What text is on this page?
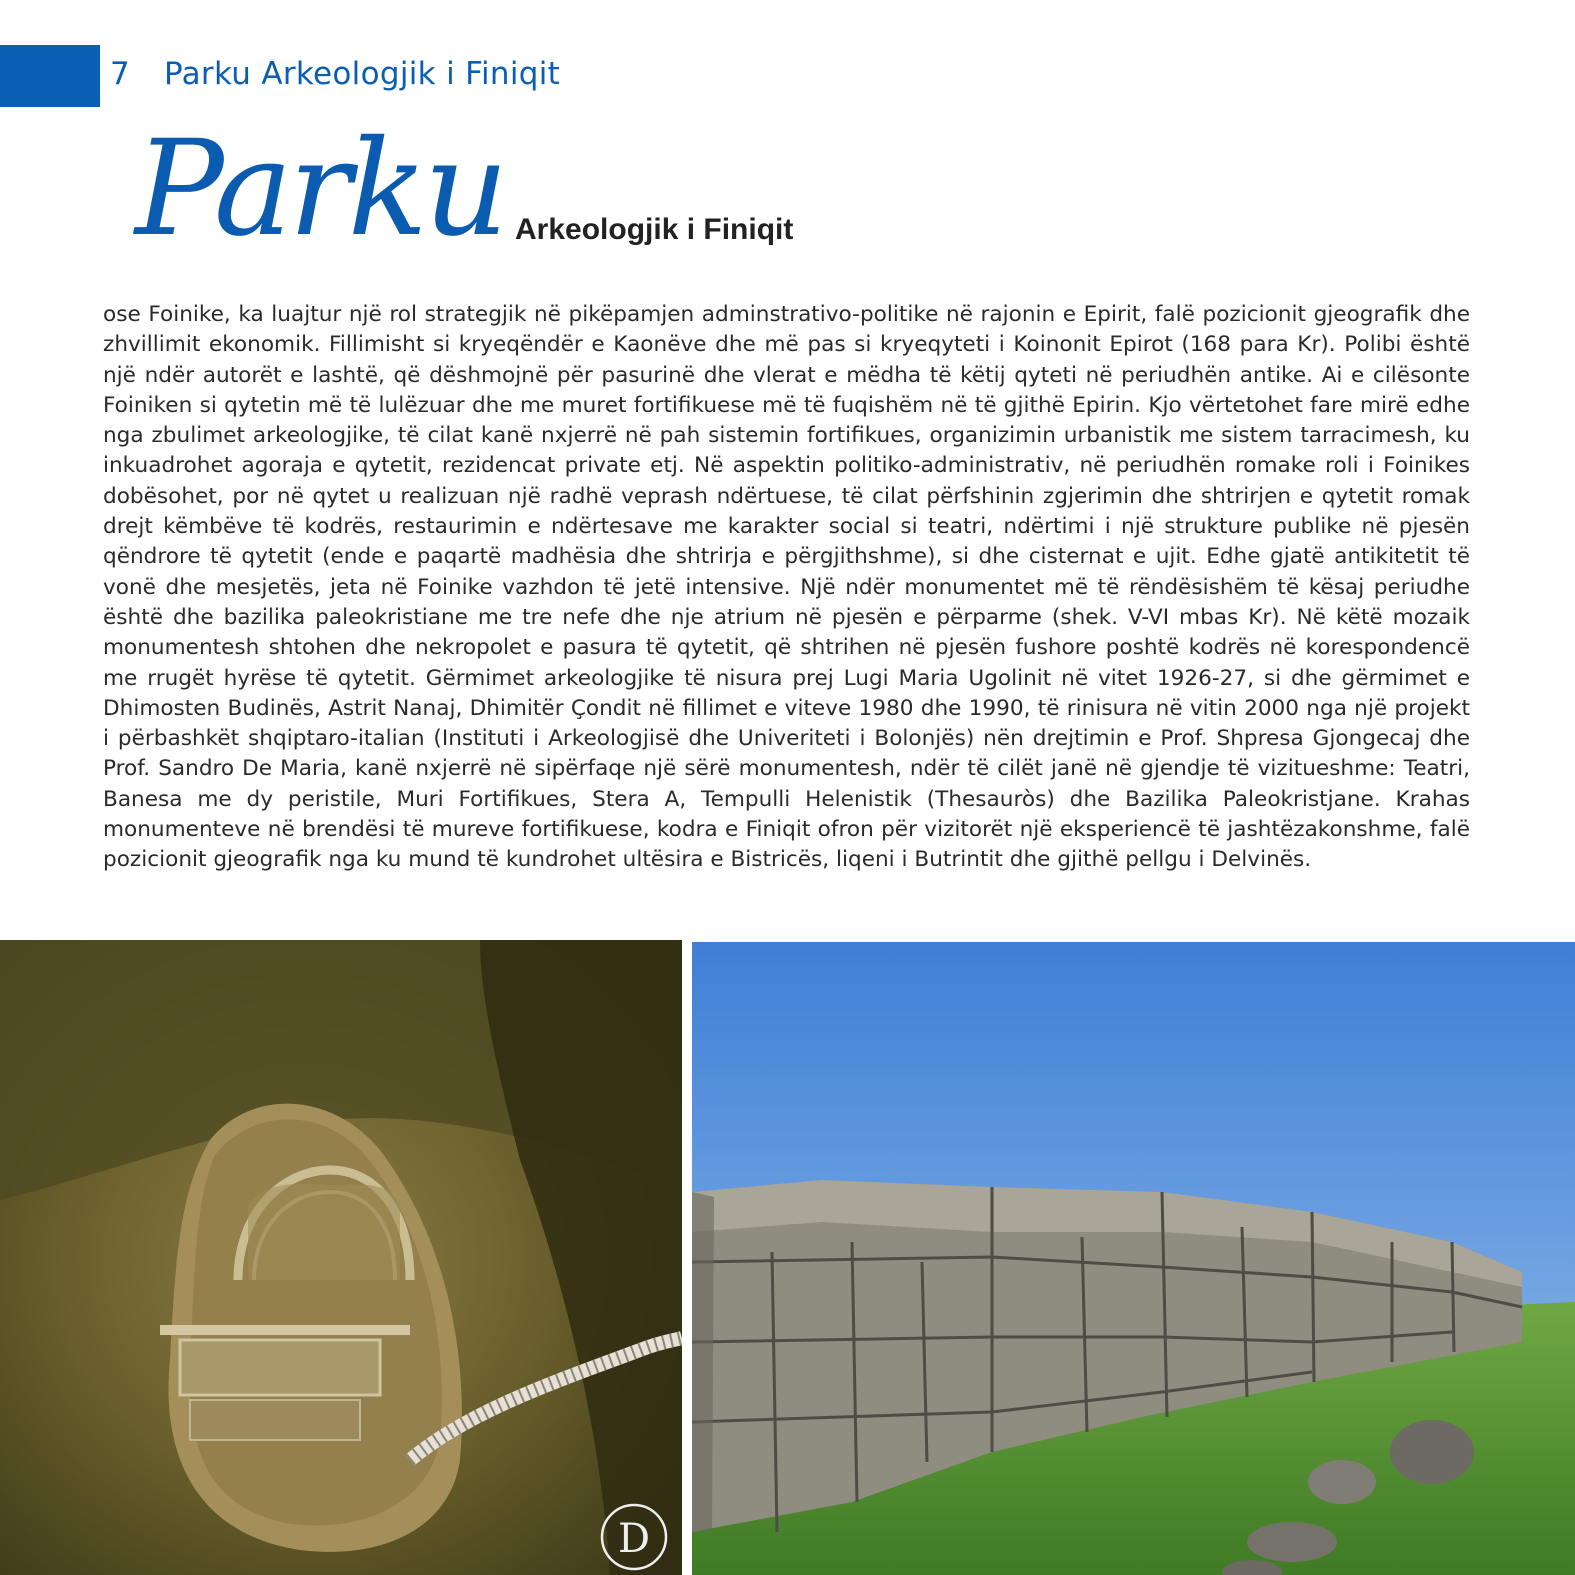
7 Parku Arkeologjik i Finiqit
Parku Arkeologjik i Finiqit

ose Foinike, ka luajtur një rol strategjik në pikëpamjen adminstrativo-politike në rajonin e Epirit, falë pozicionit gjeografik dhe zhvillimit ekonomik. Fillimisht si kryeqëndër e Kaonëve dhe më pas si kryeqyteti i Koinonit Epirot (168 para Kr). Polibi është një ndër autorët e lashtë, që dëshmojnë për pasurinë dhe vlerat e mëdha të këtij qyteti në periudhën antike. Ai e cilësonte Foiniken si qytetin më të lulëzuar dhe me muret fortifikuese më të fuqishëm në të gjithë Epirin. Kjo vërtetohet fare mirë edhe nga zbulimet arkeologjike, të cilat kanë nxjerrë në pah sistemin fortifikues, organizimin urbanistik me sistem tarracimesh, ku inkuadrohet agoraja e qytetit, rezidencat private etj. Në aspektin politiko-administrativ, në periudhën romake roli i Foinikes dobësohet, por në qytet u realizuan një radhë veprash ndërtuese, të cilat përfshinin zgjerimin dhe shtrirjen e qytetit romak drejt këmbëve të kodrës, restaurimin e ndërtesave me karakter social si teatri, ndërtimi i një strukture publike në pjesën qëndrore të qytetit (ende e paqartë madhësia dhe shtrirja e përgjithshme), si dhe cisternat e ujit. Edhe gjatë antikitetit të vonë dhe mesjetës, jeta në Foinike vazhdon të jetë intensive. Një ndër monumentet më të rëndësishëm të kësaj periudhe është dhe bazilika paleokristiane me tre nefe dhe nje atrium në pjesën e përparme (shek. V-VI mbas Kr). Në këtë mozaik monumentesh shtohen dhe nekropolet e pasura të qytetit, që shtrihen në pjesën fushore poshtë kodrës në korespondencë me rrugët hyrëse të qytetit. Gërmimet arkeologjike të nisura prej Lugi Maria Ugolinit në vitet 1926-27, si dhe gërmimet e Dhimosten Budinës, Astrit Nanaj, Dhimitër Çondit në fillimet e viteve 1980 dhe 1990, të rinisura në vitin 2000 nga një projekt i përbashkët shqiptaro-italian (Instituti i Arkeologjisë dhe Univeriteti i Bolonjës) nën drejtimin e Prof. Shpresa Gjongecaj dhe Prof. Sandro De Maria, kanë nxjerrë në sipërfaqe një sërë monumentesh, ndër të cilët janë në gjendje të vizitueshme: Teatri, Banesa me dy peristile, Muri Fortifikues, Stera A, Tempulli Helenistik (Thesauròs) dhe Bazilika Paleokristjane. Krahas monumenteve në brendësi të mureve fortifikuese, kodra e Finiqit ofron për vizitorët një eksperiencë të jashtëzakonshme, falë pozicionit gjeografik nga ku mund të kundrohet ultësira e Bistricës, liqeni i Butrintit dhe gjithë pellgu i Delvinës.

D
